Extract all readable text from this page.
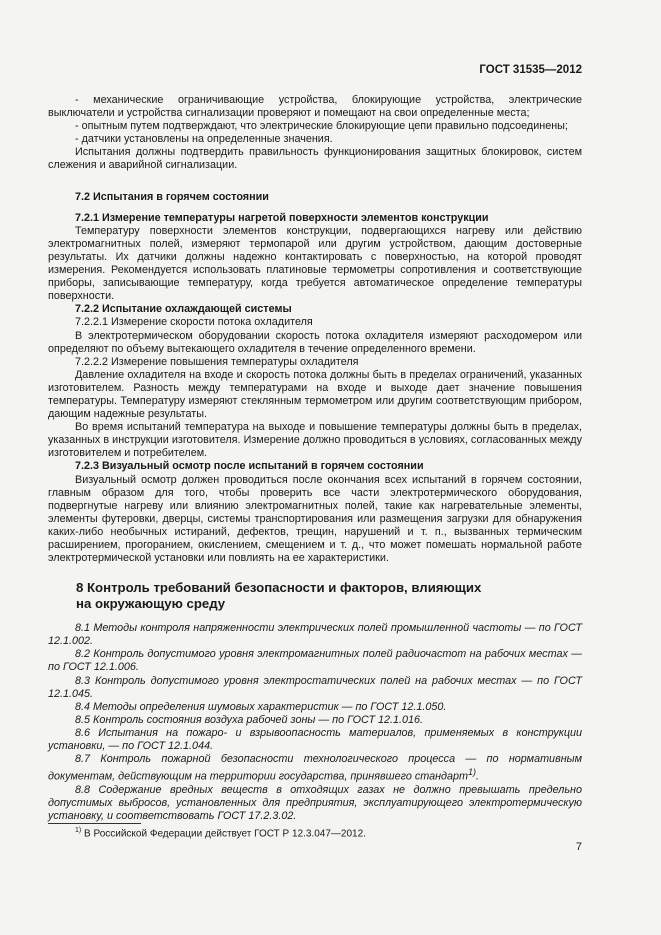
ГОСТ 31535—2012

- механические ограничивающие устройства, блокирующие устройства, электрические выключатели и устройства сигнализации проверяют и помещают на свои определенные места;

- опытным путем подтверждают, что электрические блокирующие цепи правильно подсоединены;

- датчики установлены на определенные значения.

Испытания должны подтвердить правильность функционирования защитных блокировок, систем слежения и аварийной сигнализации.

7.2 Испытания в горячем состоянии

7.2.1 Измерение температуры нагретой поверхности элементов конструкции

Температуру поверхности элементов конструкции, подвергающихся нагреву или действию электромагнитных полей, измеряют термопарой или другим устройством, дающим достоверные результаты. Их датчики должны надежно контактировать с поверхностью, на которой проводят измерения. Рекомендуется использовать платиновые термометры сопротивления и соответствующие приборы, записывающие температуру, когда требуется автоматическое определение температуры поверхности.

7.2.2 Испытание охлаждающей системы

7.2.2.1 Измерение скорости потока охладителя

В электротермическом оборудовании скорость потока охладителя измеряют расходомером или определяют по объему вытекающего охладителя в течение определенного времени.

7.2.2.2 Измерение повышения температуры охладителя

Давление охладителя на входе и скорость потока должны быть в пределах ограничений, указанных изготовителем. Разность между температурами на входе и выходе дает значение повышения температуры. Температуру измеряют стеклянным термометром или другим соответствующим прибором, дающим надежные результаты.

Во время испытаний температура на выходе и повышение температуры должны быть в пределах, указанных в инструкции изготовителя. Измерение должно проводиться в условиях, согласованных между изготовителем и потребителем.

7.2.3 Визуальный осмотр после испытаний в горячем состоянии

Визуальный осмотр должен проводиться после окончания всех испытаний в горячем состоянии, главным образом для того, чтобы проверить все части электротермического оборудования, подвергнутые нагреву или влиянию электромагнитных полей, такие как нагревательные элементы, элементы футеровки, дверцы, системы транспортирования или размещения загрузки для обнаружения каких-либо необычных истираний, дефектов, трещин, нарушений и т. п., вызванных термическим расширением, прогоранием, окислением, смещением и т. д., что может помешать нормальной работе электротермической установки или повлиять на ее характеристики.

8 Контроль требований безопасности и факторов, влияющих
на окружающую среду

8.1 Методы контроля напряженности электрических полей промышленной частоты — по ГОСТ 12.1.002.

8.2 Контроль допустимого уровня электромагнитных полей радиочастот на рабочих местах — по ГОСТ 12.1.006.

8.3 Контроль допустимого уровня электростатических полей на рабочих местах — по ГОСТ 12.1.045.

8.4 Методы определения шумовых характеристик — по ГОСТ 12.1.050.

8.5 Контроль состояния воздуха рабочей зоны — по ГОСТ 12.1.016.

8.6 Испытания на пожаро- и взрывоопасность материалов, применяемых в конструкции установки, — по ГОСТ 12.1.044.

8.7 Контроль пожарной безопасности технологического процесса — по нормативным документам, действующим на территории государства, принявшего стандарт$^{1)}$.

8.8 Содержание вредных веществ в отходящих газах не должно превышать предельно допустимых выбросов, установленных для предприятия, эксплуатирующего электротермическую установку, и соответствовать ГОСТ 17.2.3.02.

$^{1)}$ В Российской Федерации действует ГОСТ Р 12.3.047—2012.
7
